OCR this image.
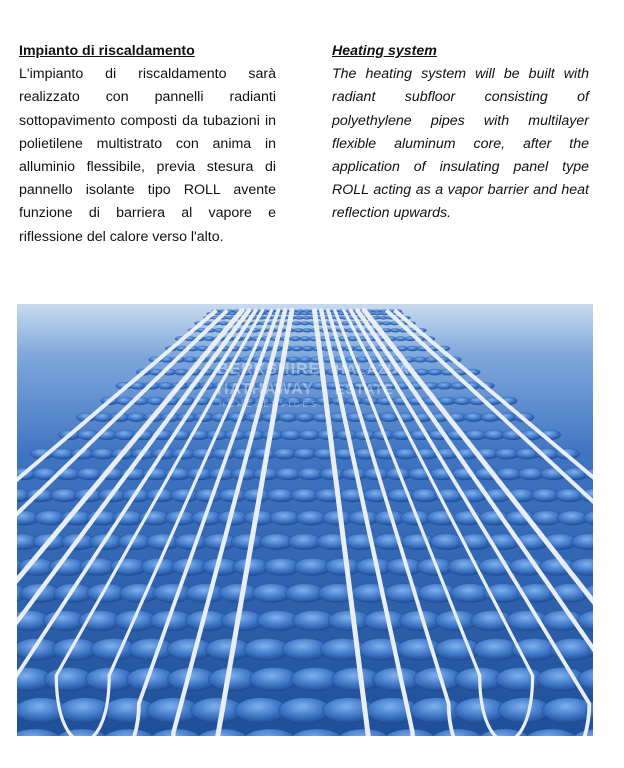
Impianto di riscaldamento

L'impianto di riscaldamento sarà realizzato con pannelli radianti sottopavimento composti da tubazioni in polietilene multistrato con anima in alluminio flessibile, previa stesura di pannello isolante tipo ROLL avente funzione di barriera al vapore e riflessione del calore verso l'alto.

Heating system

The heating system will be built with radiant subfloor consisting of polyethylene pipes with multilayer flexible aluminum core, after the application of insulating panel type ROLL acting as a vapor barrier and heat reflection upwards.

BERKSHIRE HALAZUA
HATHAWAY ESTATE
HOMESERVICES
